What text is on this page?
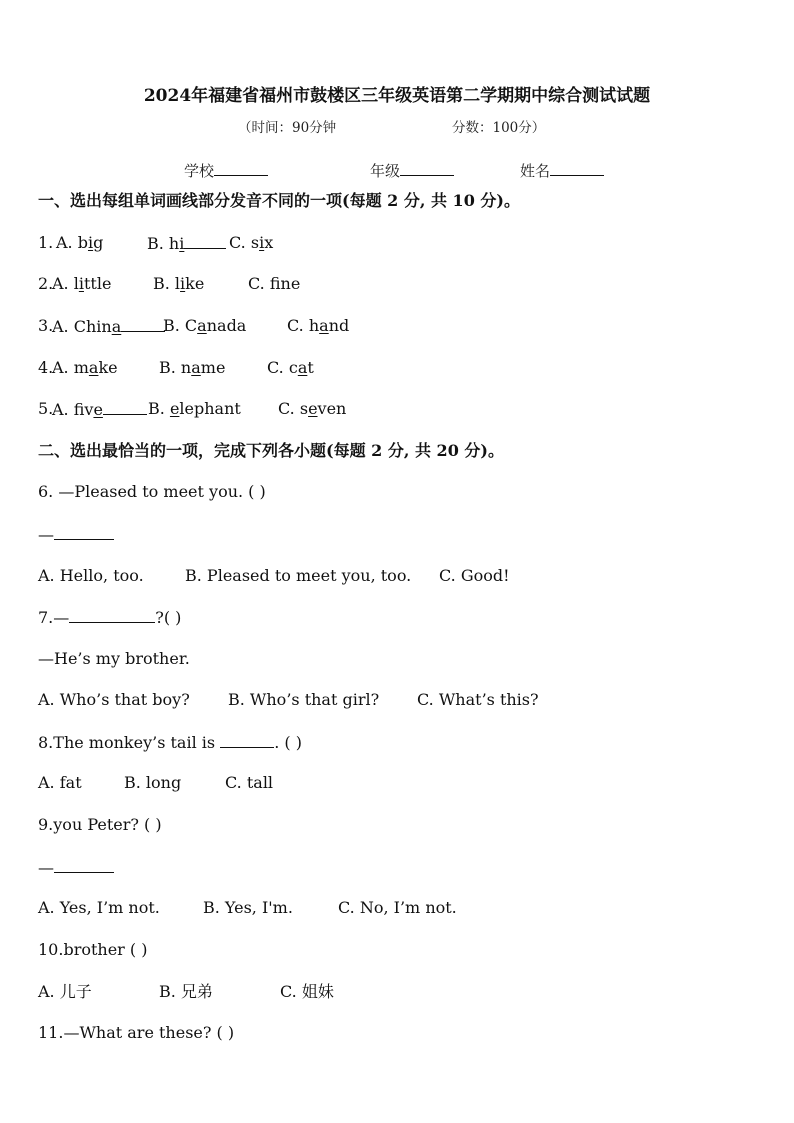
2024年福建省福州市鼓楼区三年级英语第二学期期中综合测试试题
（时间：90分钟	分数：100分）
学校	年级	姓名
一、选出每组单词画线部分发音不同的一项(每题 2 分, 共 10 分)。
1. A. big	B. hi	C. six
2.
A. little	B. like	C. fne
3.
A. China	B. Canada	C. hand
4.
A. make	B. name	C. cat
5.
A. five	B. elephant C. seven
二、选出最恰当的一项，完成下列各小题(每题 2 分, 共 20 分)。
6. —Pleased to meet you. ( )
—
A. Hello, too.	B. Pleased to meet you, too. C. Good!
7.—	?( )
—He’s my brother.
A. Who’s that boy? B. Who’s that girl? C. What’s this?
8.The monkey’s tail is	. ( )
A. fat	B. long	C. tall
9.you Peter? ( )
—
A. Yes, I’m not.	B. Yes, I'm.	C. No, I’m not.
10.brother ( )
A. 儿子	B. 兄弟	C. 姐妹
11.—What are these? ( )
